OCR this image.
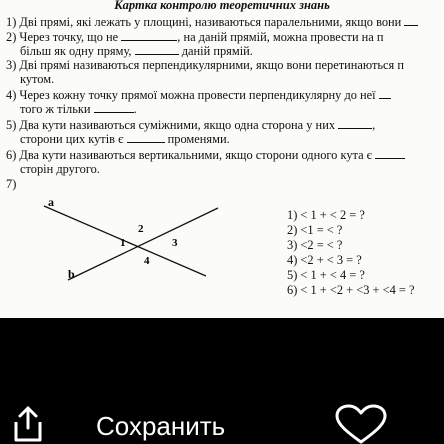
Картка контролю теоретичних знань
1) Дві прямі, які лежать у площині, називаються паралельними, якщо вони
2) Через точку, що не	, на даній прямій, можна провести на п
більш як одну пряму,	даній прямій.
3) Дві прямі називаються перпендикулярними, якщо вони перетинаються п
кутом.
4) Через кожну точку прямої можна провести перпендикулярну до неї
того ж тільки	.
5) Два кути називаються суміжними, якщо одна сторона у них	,
сторони цих кутів є	променями.
6) Два кути називаються вертикальними, якщо сторони одного кута є
сторін другого.
7)
a
b
2
1	3
4
1) < 1 + < 2 = ?
2) <1 = < ?
3) <2 = < ?
4) <2 + < 3 = ?
5) < 1 + < 4 = ?
6) < 1 + <2 + <3 + <4 = ?
Сохранить
